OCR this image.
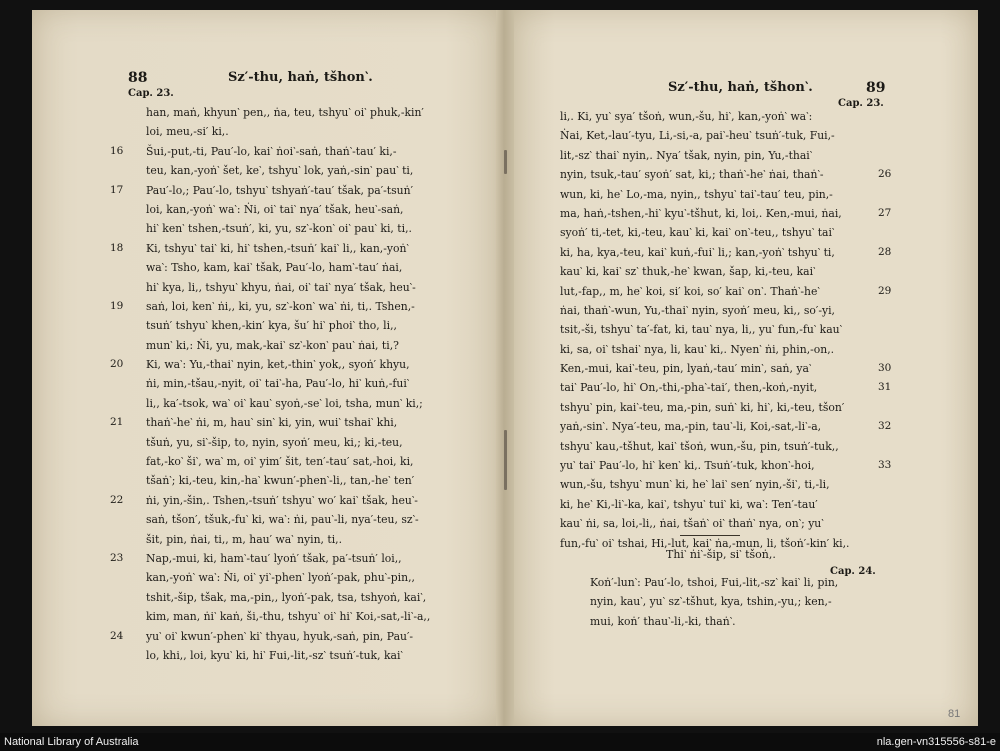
88	Sz′-thu, haṅ, tšhon‵.
Cap. 23.	89
Sz′-thu, haṅ, tšhon‵.
Cap. 23.
han, maṅ, khyun‵ pen,, ṅa, teu, tshyu‵ oi‵ phuk,-kin′
loi, meu,-si′ ki,.
Šui,-put,-ti, Pau′-lo, kai‵ ṅoi‵-saṅ, thaṅ‵-tau′ ki,-
16
teu, kan,-yoṅ‵ šet, ke‵, tshyu‵ lok, yaṅ,-sin‵ pau‵ ti,
Pau′-lo,; Pau′-lo, tshyu‵ tshyaṅ′-tau′ tšak, pa′-tsuṅ′
17
loi, kan,-yoṅ‵ wa‵: Ṅi, oi‵ tai‵ nya′ tšak, heu‵-saṅ,
hi‵ ken‵ tshen,-tsuṅ′, ki, yu, sz‵-kon‵ oi‵ pau‵ ki, ti,.
Ki, tshyu‵ tai‵ ki, hi‵ tshen,-tsuṅ′ kai‵ li,, kan,-yoṅ‵
18
wa‵: Tsho, kam, kai‵ tšak, Pau′-lo, ham‵-tau′ ṅai,
hi‵ kya, li,, tshyu‵ khyu, ṅai, oi‵ tai‵ nya′ tšak, heu‵-
saṅ, loi, ken‵ ṅi,, ki, yu, sz‵-kon‵ wa‵ ṅi, ti,. Tshen,-
19
tsuṅ′ tshyu‵ khen,-kin′ kya, šu′ hi‵ phoi‵ tho, li,,
mun‵ ki,: Ṅi, yu, mak,-kai‵ sz‵-kon‵ pau‵ ṅai, ti,?
Ki, wa‵: Yu,-thai‵ nyin, ket,-thin‵ yok,, syoṅ′ khyu,
20
ṅi, min,-tšau,-nyit, oi‵ tai‵-ha, Pau′-lo, hi‵ kuṅ,-fui‵
li,, ka′-tsok, wa‵ oi‵ kau‵ syoṅ,-se‵ loi, tsha, mun‵ ki,;
thaṅ‵-he‵ ṅi, m, hau‵ sin‵ ki, yin, wui‵ tshai‵ khi,
21
tšuṅ, yu, si‵-šip, to, nyin, syoṅ′ meu, ki,; ki,-teu,
fat,-ko‵ ši‵, wa‵ m, oi‵ yim′ šit, ten′-tau′ sat,-hoi, ki,
tšaṅ‵; ki,-teu, kin,-ha‵ kwun′-phen‵-li,, tan,-he‵ ten′
ṅi, yin,-šin,. Tshen,-tsuṅ′ tshyu‵ wo′ kai‵ tšak, heu‵-
22
saṅ, tšon′, tšuk,-fu‵ ki, wa‵: ṅi, pau‵-li, nya′-teu, sz‵-
šit, pin, ṅai, ti,, m, hau′ wa‵ nyin, ti,.
Nap,-mui, ki, ham‵-tau′ lyoṅ′ tšak, pa′-tsuṅ′ loi,,
23
kan,-yoṅ‵ wa‵: Ṅi, oi‵ yi‵-phen‵ lyoṅ′-pak, phu‵-pin,,
tshit,-šip, tšak, ma,-pin,, lyoṅ′-pak, tsa, tshyoṅ, kai‵,
kim, man, ṅi‵ kaṅ, ši,-thu, tshyu‵ oi‵ hi‵ Koi,-sat,-li‵-a,,
yu‵ oi‵ kwun′-phen‵ ki‵ thyau, hyuk,-saṅ, pin, Pau′-
24
lo, khi,, loi, kyu‵ ki, hi‵ Fui,-lit,-sz‵ tsuṅ′-tuk, kai‵
li,. Ki, yu‵ sya′ tšoṅ, wun,-šu, hi‵, kan,-yoṅ‵ wa‵:
Ṅai, Ket,-lau′-tyu, Li,-si,-a, pai‵-heu‵ tsuṅ′-tuk, Fui,-
lit,-sz‵ thai‵ nyin,. Nya′ tšak, nyin, pin, Yu,-thai‵
nyin, tsuk,-tau′ syoṅ′ sat, ki,; thaṅ‵-he‵ ṅai, thaṅ‵-	26
wun, ki, he‵ Lo,-ma, nyin,, tshyu‵ tai‵-tau′ teu, pin,-
ma, haṅ,-tshen,-hi‵ kyu‵-tšhut, ki, loi,. Ken,-mui, ṅai,	27
syoṅ′ ti,-tet, ki,-teu, kau‵ ki, kai‵ on‵-teu,, tshyu‵ tai‵
ki, ha, kya,-teu, kai‵ kuṅ,-fui‵ li,; kan,-yoṅ‵ tshyu‵ ti,	28
kau‵ ki, kai‵ sz‵ thuk,-he‵ kwan, šap, ki,-teu, kai‵
lut,-fap,, m, he‵ koi, si′ koi, so′ kai‵ on‵. Thaṅ‵-he‵	29
ṅai, thaṅ‵-wun, Yu,-thai‵ nyin, syoṅ′ meu, ki,, so′-yi,
tsit,-ši, tshyu‵ ta′-fat, ki, tau‵ nya, li,, yu‵ fun,-fu‵ kau‵
ki, sa, oi‵ tshai‵ nya, li, kau‵ ki,. Nyen‵ ṅi, phin,-on,.
Ken,-mui, kai‵-teu, pin, lyaṅ,-tau′ min‵, saṅ, ya‵	30
tai‵ Pau′-lo, hi‵ On,-thi,-pha‵-tai′, then,-koṅ,-nyit,	31
tshyu‵ pin, kai‵-teu, ma,-pin, suṅ‵ ki, hi‵, ki,-teu, tšon′
yaṅ,-sin‵. Nya′-teu, ma,-pin, tau‵-li, Koi,-sat,-li‵-a,	32
tshyu‵ kau,-tšhut, kai‵ tšoṅ, wun,-šu, pin, tsuṅ′-tuk,,
yu‵ tai‵ Pau′-lo, hi‵ ken‵ ki,. Tsuṅ′-tuk, khon‵-hoi,	33
wun,-šu, tshyu‵ mun‵ ki, he‵ lai‵ sen′ nyin,-ši‵, ti,-li,
ki, he‵ Ki,-li‵-ka, kai‵, tshyu‵ tui‵ ki, wa‵: Ten′-tau′
kau‵ ṅi, sa, loi,-li,, ṅai, tšaṅ‵ oi‵ thaṅ‵ nya, on‵; yu‵
fun,-fu‵ oi‵ tshai, Hi,-lut, kai‵ ṅa,-mun, li, tšoṅ′-kin′ ki,.
Thi‵ ṅi‵-šip, si‵ tšoṅ,.
Cap. 24.
Koṅ′-lun‵: Pau′-lo, tshoi, Fui,-lit,-sz‵ kai‵ li, pin,
nyin, kau‵, yu‵ sz‵-tšhut, kya, tshin,-yu,; ken,-
mui, koṅ′ thau‵-li,-ki, thaṅ‵.
81
National Library of Australia	nla.gen-vn315556-s81-e
